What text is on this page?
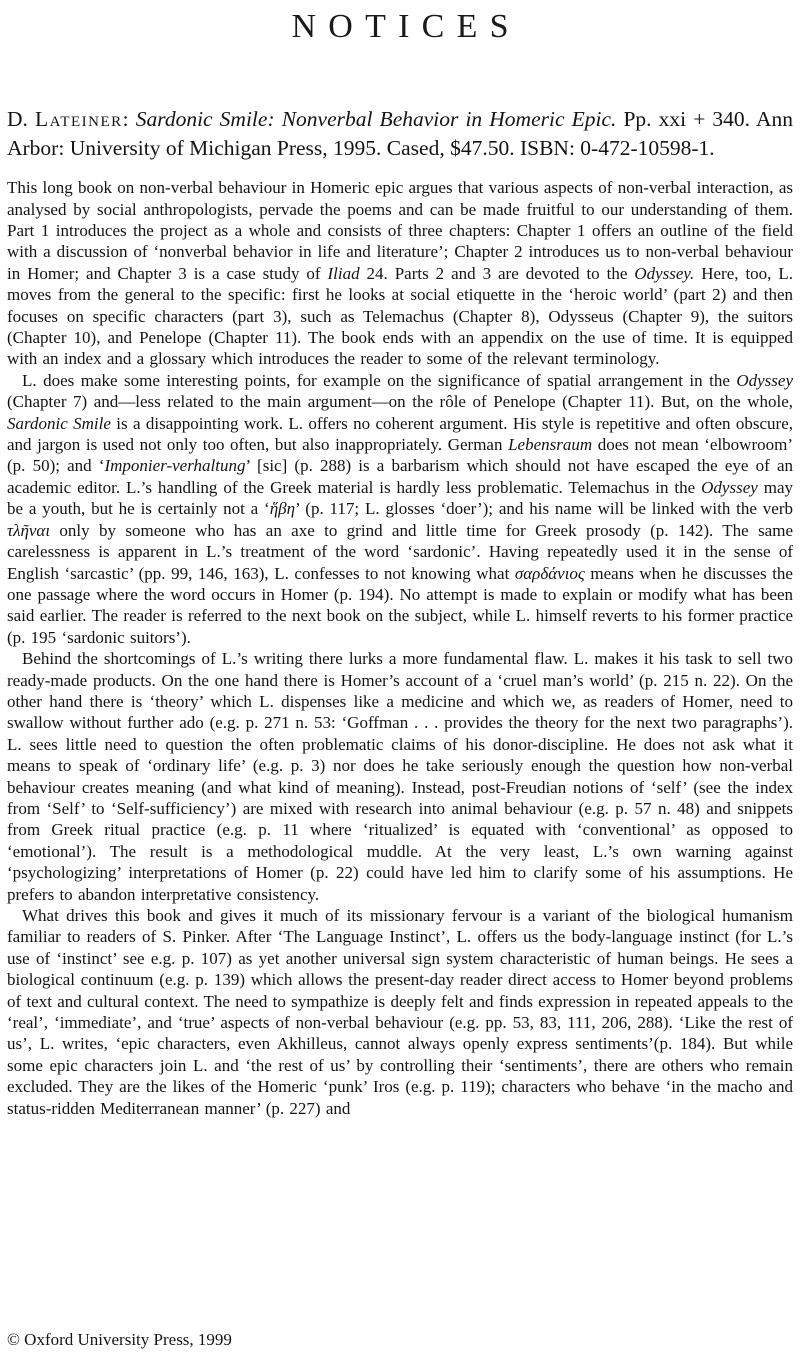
NOTICES
D. Lateiner: Sardonic Smile: Nonverbal Behavior in Homeric Epic. Pp. xxi + 340. Ann Arbor: University of Michigan Press, 1995. Cased, $47.50. ISBN: 0-472-10598-1.

This long book on non-verbal behaviour in Homeric epic argues that various aspects of non-verbal interaction, as analysed by social anthropologists, pervade the poems and can be made fruitful to our understanding of them. Part 1 introduces the project as a whole and consists of three chapters: Chapter 1 offers an outline of the field with a discussion of ‘nonverbal behavior in life and literature’; Chapter 2 introduces us to non-verbal behaviour in Homer; and Chapter 3 is a case study of Iliad 24. Parts 2 and 3 are devoted to the Odyssey. Here, too, L. moves from the general to the specific: first he looks at social etiquette in the ‘heroic world’ (part 2) and then focuses on specific characters (part 3), such as Telemachus (Chapter 8), Odysseus (Chapter 9), the suitors (Chapter 10), and Penelope (Chapter 11). The book ends with an appendix on the use of time. It is equipped with an index and a glossary which introduces the reader to some of the relevant terminology.

L. does make some interesting points, for example on the significance of spatial arrangement in the Odyssey (Chapter 7) and—less related to the main argument—on the rôle of Penelope (Chapter 11). But, on the whole, Sardonic Smile is a disappointing work. L. offers no coherent argument. His style is repetitive and often obscure, and jargon is used not only too often, but also inappropriately. German Lebensraum does not mean ‘elbowroom’ (p. 50); and ‘Imponier-verhaltung’ [sic] (p. 288) is a barbarism which should not have escaped the eye of an academic editor. L.’s handling of the Greek material is hardly less problematic. Telemachus in the Odyssey may be a youth, but he is certainly not a ‘ἥβη’ (p. 117; L. glosses ‘doer’); and his name will be linked with the verb τλῆναι only by someone who has an axe to grind and little time for Greek prosody (p. 142). The same carelessness is apparent in L.’s treatment of the word ‘sardonic’. Having repeatedly used it in the sense of English ‘sarcastic’ (pp. 99, 146, 163), L. confesses to not knowing what σαρδάνιος means when he discusses the one passage where the word occurs in Homer (p. 194). No attempt is made to explain or modify what has been said earlier. The reader is referred to the next book on the subject, while L. himself reverts to his former practice (p. 195 ‘sardonic suitors’).

Behind the shortcomings of L.’s writing there lurks a more fundamental flaw. L. makes it his task to sell two ready-made products. On the one hand there is Homer’s account of a ‘cruel man’s world’ (p. 215 n. 22). On the other hand there is ‘theory’ which L. dispenses like a medicine and which we, as readers of Homer, need to swallow without further ado (e.g. p. 271 n. 53: ‘Goffman . . . provides the theory for the next two paragraphs’). L. sees little need to question the often problematic claims of his donor-discipline. He does not ask what it means to speak of ‘ordinary life’ (e.g. p. 3) nor does he take seriously enough the question how non-verbal behaviour creates meaning (and what kind of meaning). Instead, post-Freudian notions of ‘self’ (see the index from ‘Self’ to ‘Self-sufficiency’) are mixed with research into animal behaviour (e.g. p. 57 n. 48) and snippets from Greek ritual practice (e.g. p. 11 where ‘ritualized’ is equated with ‘conventional’ as opposed to ‘emotional’). The result is a methodological muddle. At the very least, L.’s own warning against ‘psychologizing’ interpretations of Homer (p. 22) could have led him to clarify some of his assumptions. He prefers to abandon interpretative consistency.

What drives this book and gives it much of its missionary fervour is a variant of the biological humanism familiar to readers of S. Pinker. After ‘The Language Instinct’, L. offers us the body-language instinct (for L.’s use of ‘instinct’ see e.g. p. 107) as yet another universal sign system characteristic of human beings. He sees a biological continuum (e.g. p. 139) which allows the present-day reader direct access to Homer beyond problems of text and cultural context. The need to sympathize is deeply felt and finds expression in repeated appeals to the ‘real’, ‘immediate’, and ‘true’ aspects of non-verbal behaviour (e.g. pp. 53, 83, 111, 206, 288). ‘Like the rest of us’, L. writes, ‘epic characters, even Akhilleus, cannot always openly express sentiments’(p. 184). But while some epic characters join L. and ‘the rest of us’ by controlling their ‘sentiments’, there are others who remain excluded. They are the likes of the Homeric ‘punk’ Iros (e.g. p. 119); characters who behave ‘in the macho and status-ridden Mediterranean manner’ (p. 227) and

© Oxford University Press, 1999
